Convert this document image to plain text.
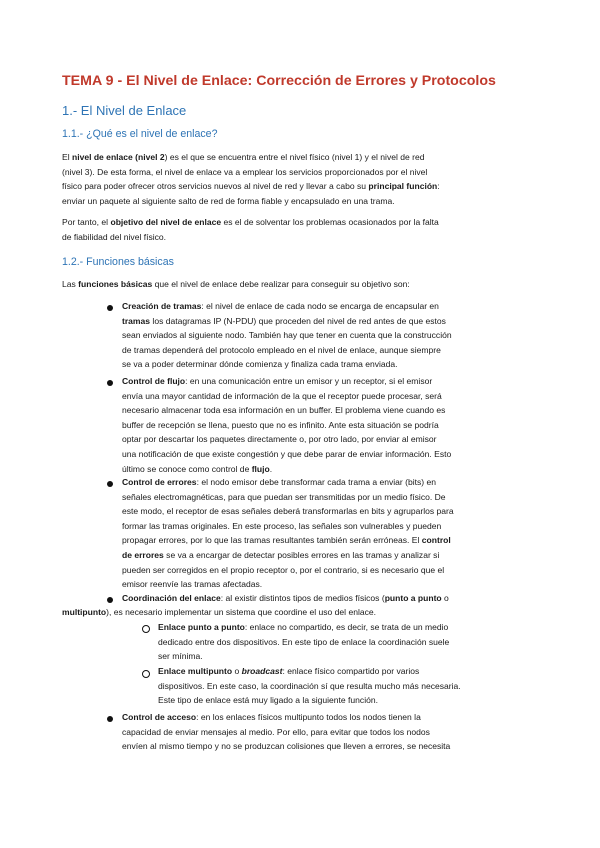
TEMA 9 - El Nivel de Enlace: Corrección de Errores y Protocolos
1.- El Nivel de Enlace
1.1.- ¿Qué es el nivel de enlace?
El nivel de enlace (nivel 2) es el que se encuentra entre el nivel físico (nivel 1) y el nivel de red
(nivel 3). De esta forma, el nivel de enlace va a emplear los servicios proporcionados por el nivel
físico para poder ofrecer otros servicios nuevos al nivel de red y llevar a cabo su principal función:
enviar un paquete al siguiente salto de red de forma fiable y encapsulado en una trama.
Por tanto, el objetivo del nivel de enlace es el de solventar los problemas ocasionados por la falta
de fiabilidad del nivel físico.
1.2.- Funciones básicas
Las funciones básicas que el nivel de enlace debe realizar para conseguir su objetivo son:
Creación de tramas: el nivel de enlace de cada nodo se encarga de encapsular en
tramas los datagramas IP (N-PDU) que proceden del nivel de red antes de que estos
sean enviados al siguiente nodo. También hay que tener en cuenta que la construcción
de tramas dependerá del protocolo empleado en el nivel de enlace, aunque siempre
se va a poder determinar dónde comienza y finaliza cada trama enviada.
Control de flujo: en una comunicación entre un emisor y un receptor, si el emisor
envía una mayor cantidad de información de la que el receptor puede procesar, será
necesario almacenar toda esa información en un buffer. El problema viene cuando es
buffer de recepción se llena, puesto que no es infinito. Ante esta situación se podría
optar por descartar los paquetes directamente o, por otro lado, por enviar al emisor
una notificación de que existe congestión y que debe parar de enviar información. Esto
último se conoce como control de flujo.
Control de errores: el nodo emisor debe transformar cada trama a enviar (bits) en
señales electromagnéticas, para que puedan ser transmitidas por un medio físico. De
este modo, el receptor de esas señales deberá transformarlas en bits y agruparlos para
formar las tramas originales. En este proceso, las señales son vulnerables y pueden
propagar errores, por lo que las tramas resultantes también serán erróneas. El control
de errores se va a encargar de detectar posibles errores en las tramas y analizar si
pueden ser corregidos en el propio receptor o, por el contrario, si es necesario que el
emisor reenvíe las tramas afectadas.
Coordinación del enlace: al existir distintos tipos de medios físicos (punto a punto o
multipunto), es necesario implementar un sistema que coordine el uso del enlace.
Enlace punto a punto: enlace no compartido, es decir, se trata de un medio
dedicado entre dos dispositivos. En este tipo de enlace la coordinación suele
ser mínima.
Enlace multipunto o broadcast: enlace físico compartido por varios
dispositivos. En este caso, la coordinación sí que resulta mucho más necesaria.
Este tipo de enlace está muy ligado a la siguiente función.
Control de acceso: en los enlaces físicos multipunto todos los nodos tienen la
capacidad de enviar mensajes al medio. Por ello, para evitar que todos los nodos
envíen al mismo tiempo y no se produzcan colisiones que lleven a errores, se necesita
